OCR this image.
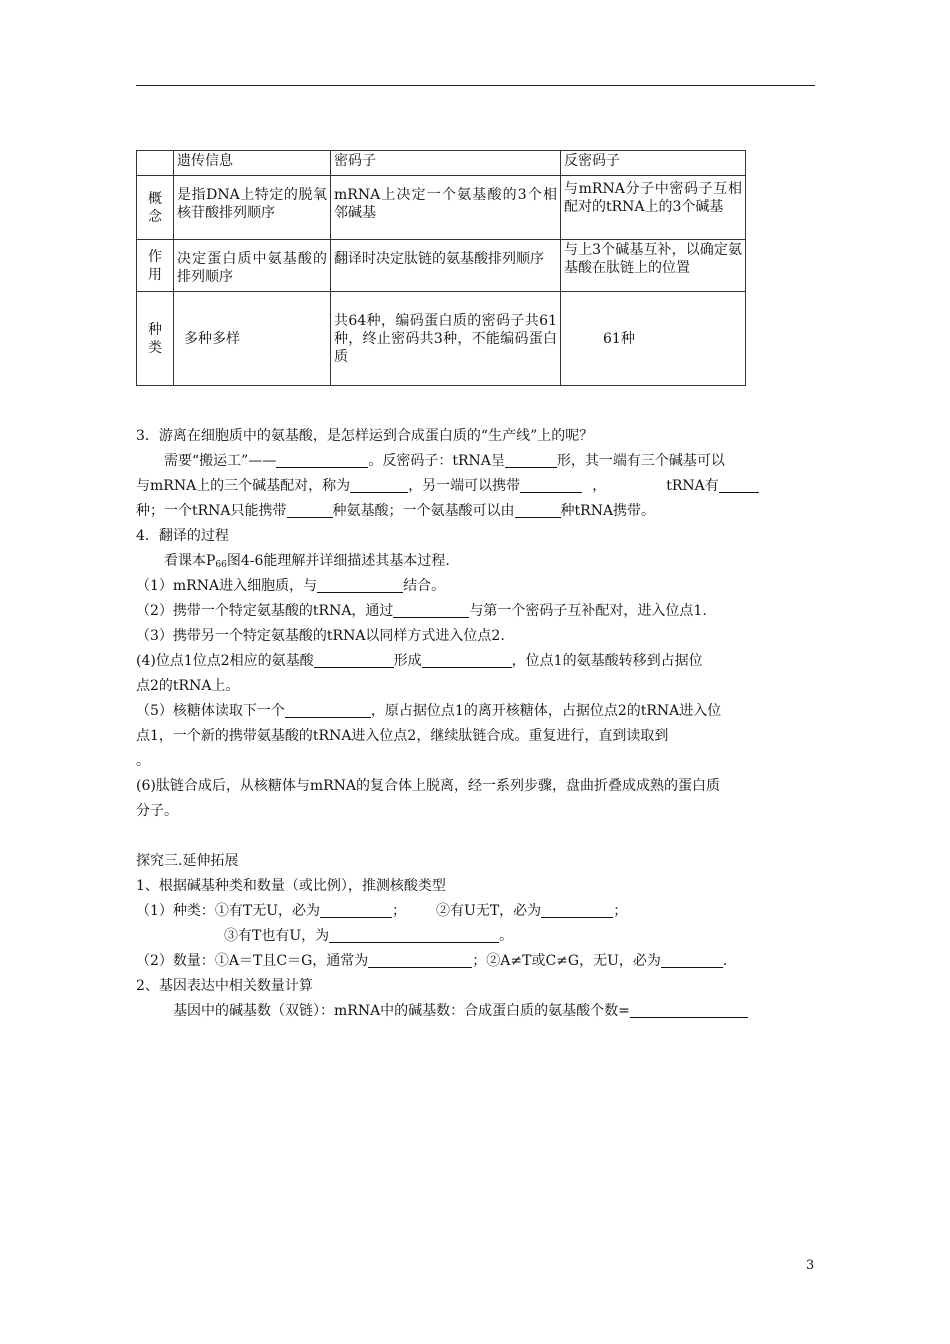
	遗传信息	密码子	反密码子
概念	是指DNA上特定的脱氧核苷酸排列顺序	mRNA上决定一个氨基酸的3个相邻碱基	与mRNA分子中密码子互相配对的tRNA上的3个碱基
作用	决定蛋白质中氨基酸的排列顺序	翻译时决定肽链的氨基酸排列顺序	与上3个碱基互补，以确定氨基酸在肽链上的位置
种类	多种多样	共64种，编码蛋白质的密码子共61种，终止密码共3种，不能编码蛋白质	61种
3．游离在细胞质中的氨基酸，是怎样运到合成蛋白质的“生产线”上的呢？
需要“搬运工”——	。反密码子：tRNA呈	形，其一端有三个碱基可以
与mRNA上的三个碱基配对，称为	，另一端可以携带	，	tRNA有
种；一个tRNA只能携带	种氨基酸；一个氨基酸可以由	种tRNA携带。
4．翻译的过程
看课本$P_{66}$图4-6能理解并详细描述其基本过程.
（1）mRNA进入细胞质，与	结合。
（2）携带一个特定氨基酸的tRNA，通过	与第一个密码子互补配对，进入位点1.
（3）携带另一个特定氨基酸的tRNA以同样方式进入位点2.
(4)位点1位点2相应的氨基酸	形成	，位点1的氨基酸转移到占据位
点2的tRNA上。
（5）核糖体读取下一个	，原占据位点1的离开核糖体，占据位点2的tRNA进入位
点1，一个新的携带氨基酸的tRNA进入位点2，继续肽链合成。重复进行，直到读取到
。
(6)肽链合成后，从核糖体与mRNA的复合体上脱离，经一系列步骤，盘曲折叠成成熟的蛋白质
分子。
探究三.延伸拓展
1、根据碱基种类和数量（或比例），推测核酸类型
（1）种类：①有T无U，必为	； ②有U无T，必为	；
③有T也有U，为	。
（2）数量：①A＝T且C＝G，通常为	；②A≠T或C≠G，无U，必为	.
2、基因表达中相关数量计算
基因中的碱基数（双链）：mRNA中的碱基数：合成蛋白质的氨基酸个数=
3
